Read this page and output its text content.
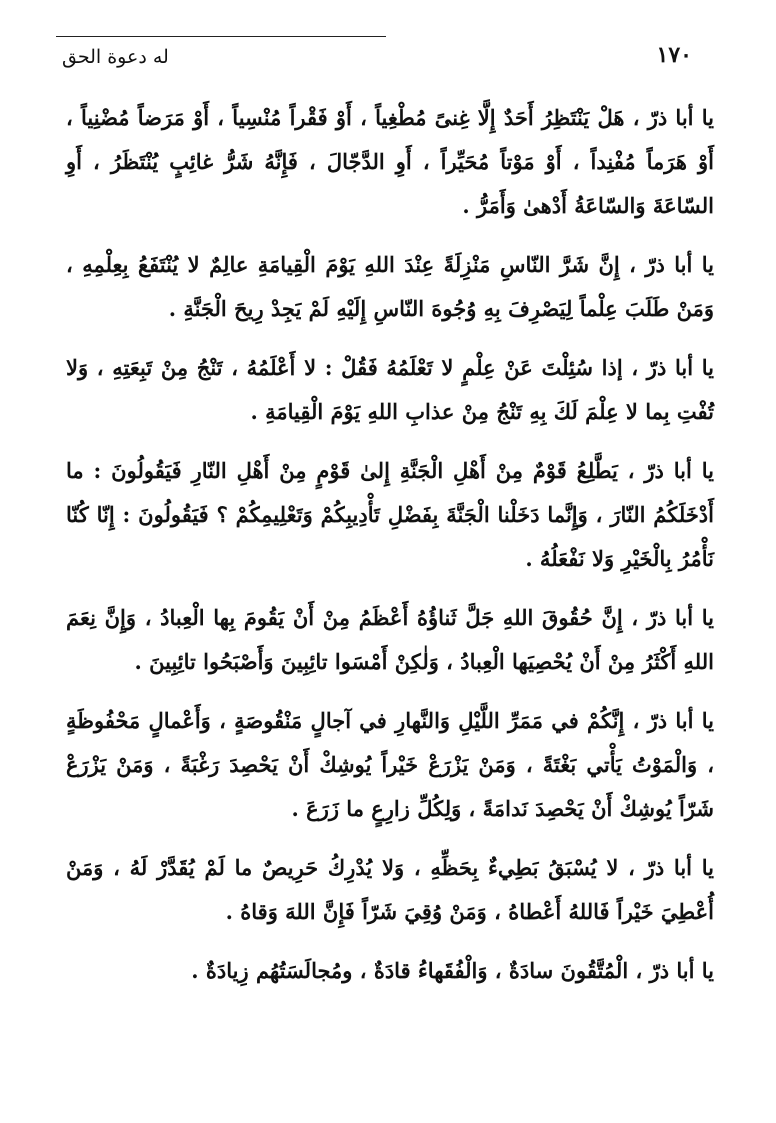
له دعوة الحق	١٧٠

يا أبا ذرّ ، هَلْ يَنْتَظِرُ أَحَدٌ إِلَّا غِنىً مُطْغِياً ، أَوْ فَقْراً مُنْسِياً ، أَوْ مَرَضاً مُضْنِياً ، أَوْ هَرَماً مُفْنِداً ، أَوْ مَوْتاً مُحَيِّراً ، أَوِ الدَّجّالَ ، فَإِنَّهُ شَرُّ غائِبٍ يُنْتَظَرُ ، أَوِ السّاعَةَ وَالسّاعَةُ أَدْهىٰ وَأَمَرُّ .

يا أبا ذرّ ، إِنَّ شَرَّ النّاسِ مَنْزِلَةً عِنْدَ اللهِ يَوْمَ الْقِيامَةِ عالِمٌ لا يُنْتَفَعُ بِعِلْمِهِ ، وَمَنْ طَلَبَ عِلْماً لِيَصْرِفَ بِهِ وُجُوهَ النّاسِ إِلَيْهِ لَمْ يَجِدْ رِيحَ الْجَنَّةِ .

يا أبا ذرّ ، إذا سُئِلْتَ عَنْ عِلْمٍ لا تَعْلَمُهُ فَقُلْ : لا أَعْلَمُهُ ، تَنْجُ مِنْ تَبِعَتِهِ ، وَلا تُفْتِ بِما لا عِلْمَ لَكَ بِهِ تَنْجُ مِنْ عذابِ اللهِ يَوْمَ الْقِيامَةِ .

يا أبا ذرّ ، يَطَّلِعُ قَوْمٌ مِنْ أَهْلِ الْجَنَّةِ إِلىٰ قَوْمٍ مِنْ أَهْلِ النّارِ فَيَقُولُونَ : ما أَدْخَلَكُمُ النّارَ ، وَإِنَّما دَخَلْنا الْجَنَّةَ بِفَضْلِ تَأْدِيبِكُمْ وَتَعْلِيمِكُمْ ؟ فَيَقُولُونَ : إِنّا كُنّا نَأْمُرُ بِالْخَيْرِ وَلا نَفْعَلُهُ .

يا أبا ذرّ ، إِنَّ حُقُوقَ اللهِ جَلَّ ثَناؤُهُ أَعْظَمُ مِنْ أَنْ يَقُومَ بِها الْعِبادُ ، وَإِنَّ نِعَمَ اللهِ أَكْثَرُ مِنْ أَنْ يُحْصِيَها الْعِبادُ ، وَلٰكِنْ أَمْسَوا تائِبِينَ وَأَصْبَحُوا تائِبِينَ .

يا أبا ذرّ ، إِنَّكُمْ في مَمَرِّ اللَّيْلِ وَالنَّهارِ في آجالٍ مَنْقُوصَةٍ ، وَأَعْمالٍ مَحْفُوظَةٍ ، وَالْمَوْتُ يَأْتي بَغْتَةً ، وَمَنْ يَزْرَعْ خَيْراً يُوشِكْ أَنْ يَحْصِدَ رَغْبَةً ، وَمَنْ يَزْرَعْ شَرّاً يُوشِكْ أَنْ يَحْصِدَ نَدامَةً ، وَلِكُلِّ زارِعٍ ما زَرَعَ .

يا أبا ذرّ ، لا يُسْبَقُ بَطِيءٌ بِحَظِّهِ ، وَلا يُدْرِكُ حَرِيصٌ ما لَمْ يُقَدَّرْ لَهُ ، وَمَنْ أُعْطِيَ خَيْراً فَاللهُ أَعْطاهُ ، وَمَنْ وُقِيَ شَرّاً فَإِنَّ اللهَ وَقاهُ .

يا أبا ذرّ ، الْمُتَّقُونَ سادَةٌ ، وَالْفُقَهاءُ قادَةٌ ، ومُجالَسَتُهُم زِيادَةٌ .
